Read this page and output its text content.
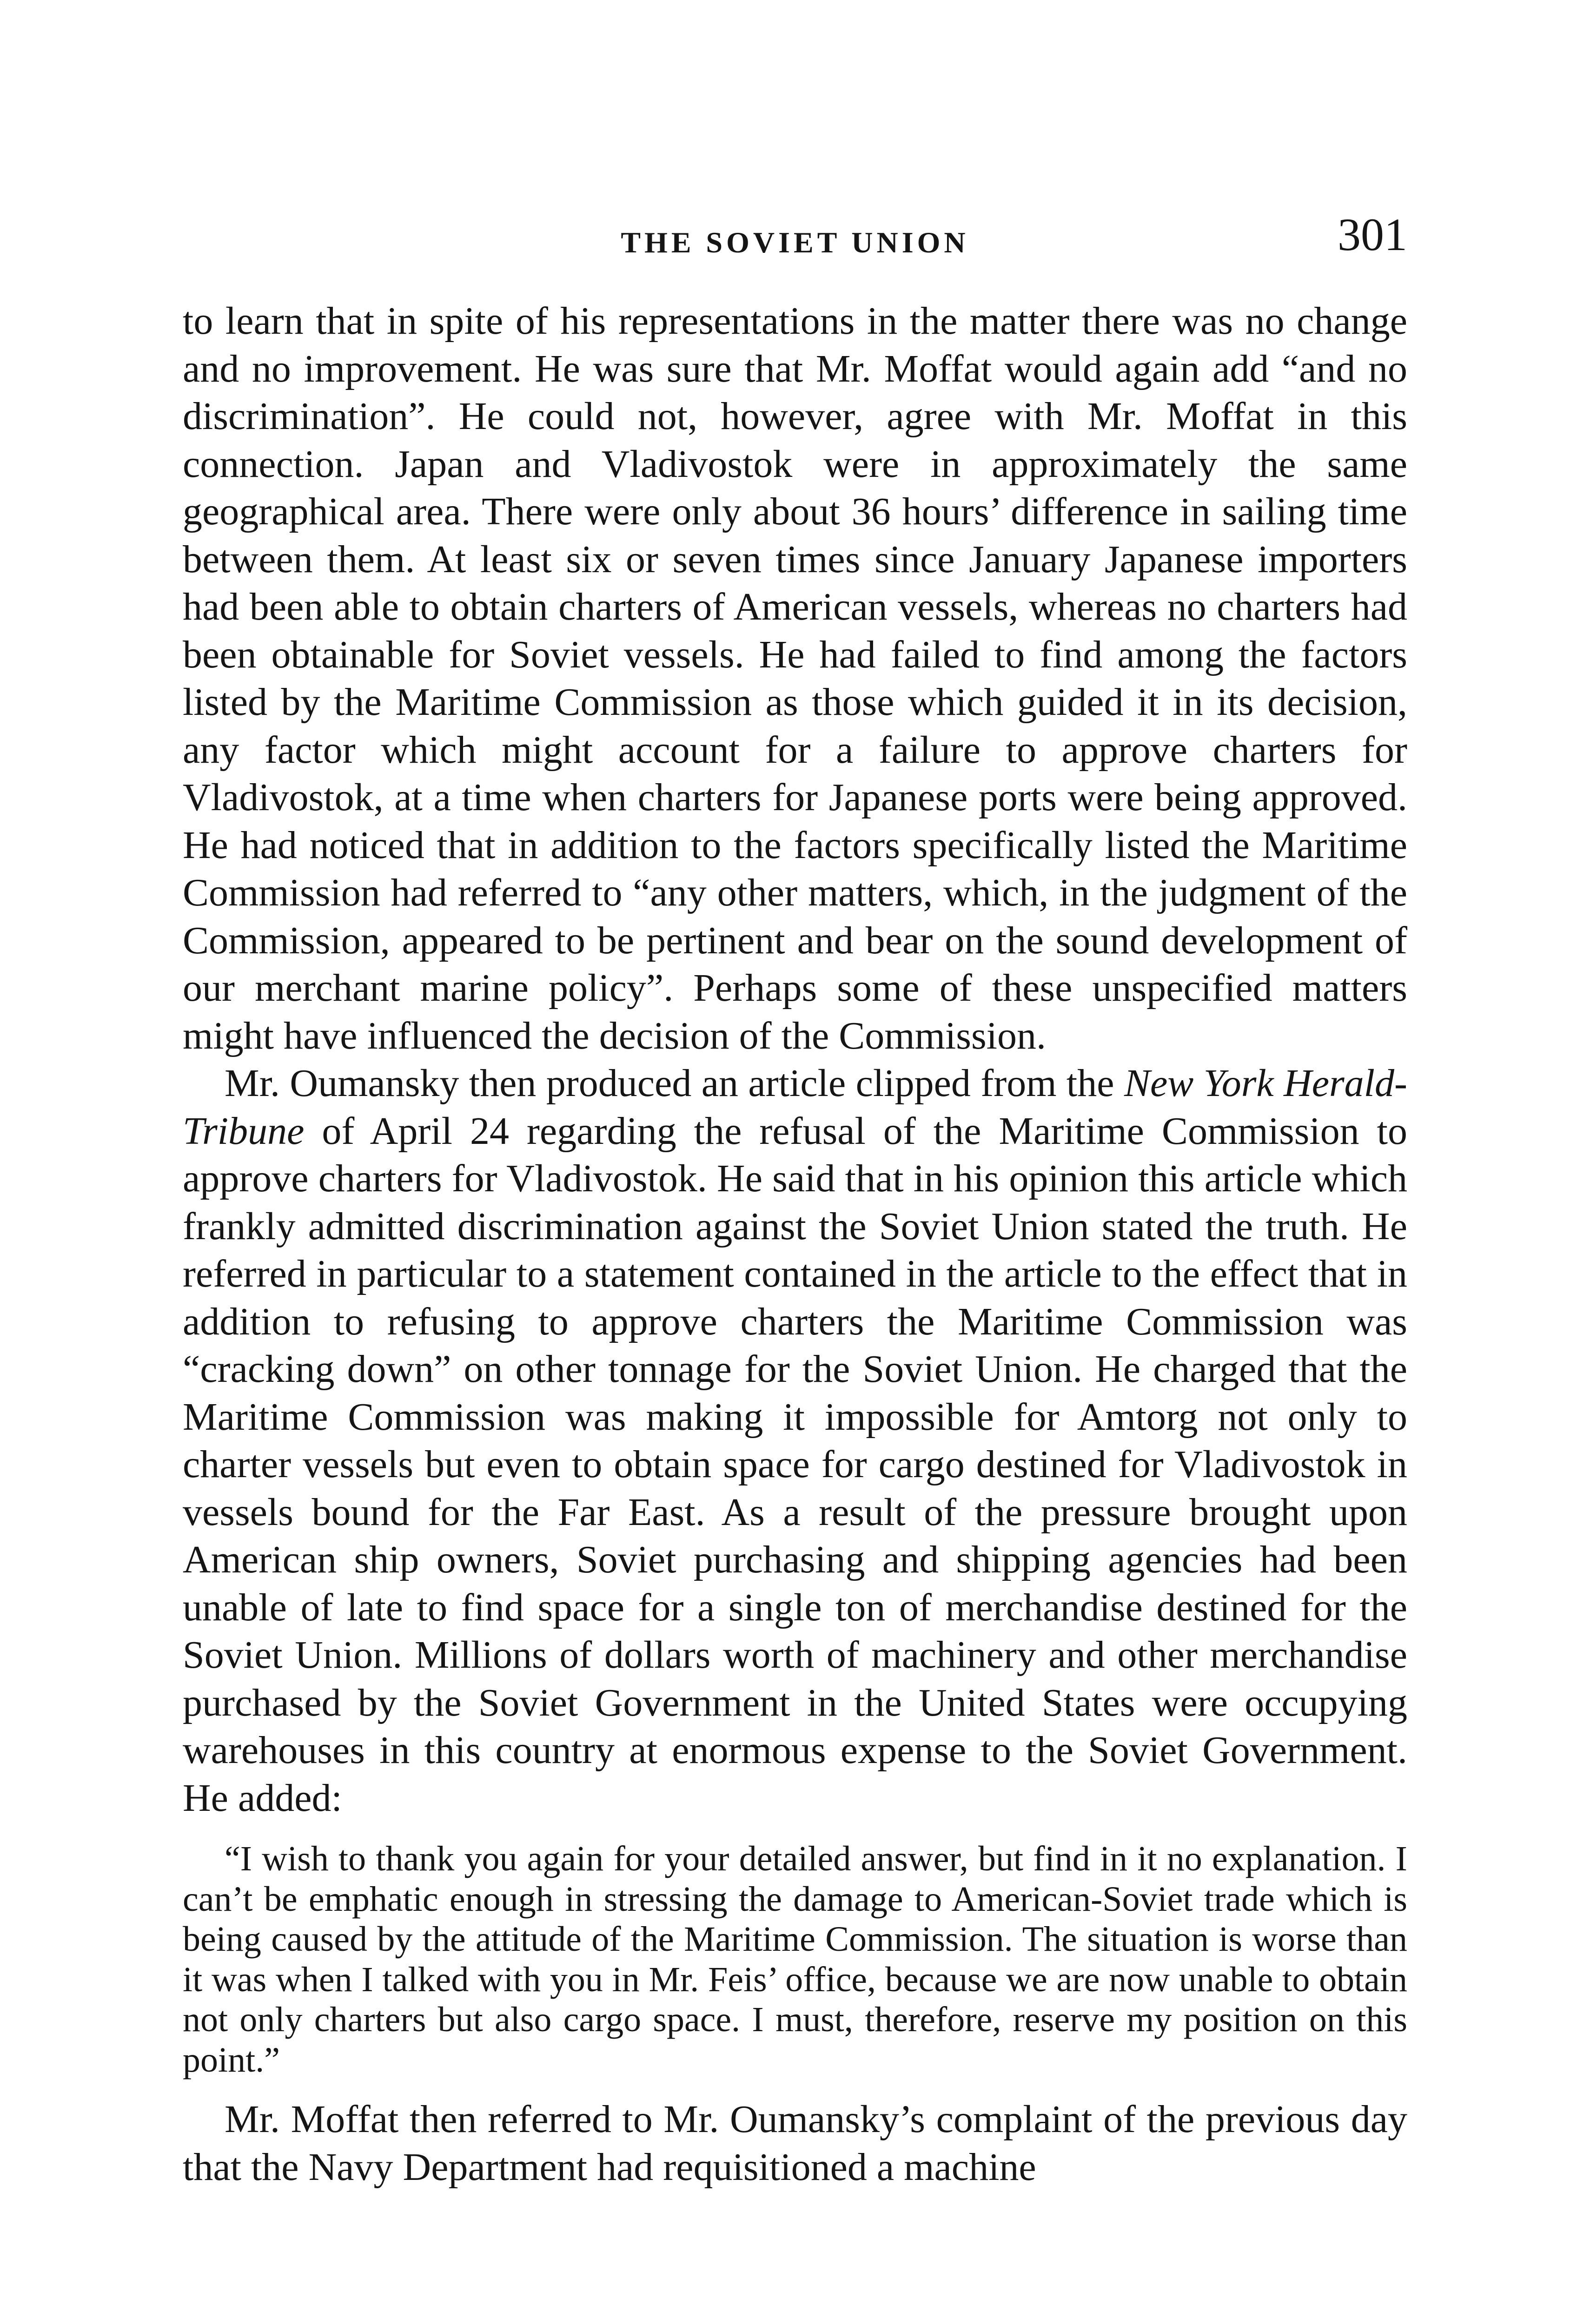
THE SOVIET UNION	301

to learn that in spite of his representations in the matter there was no change and no improvement. He was sure that Mr. Moffat would again add “and no discrimination”. He could not, however, agree with Mr. Moffat in this connection. Japan and Vladivostok were in approximately the same geographical area. There were only about 36 hours’ difference in sailing time between them. At least six or seven times since January Japanese importers had been able to obtain charters of American vessels, whereas no charters had been obtainable for Soviet vessels. He had failed to find among the factors listed by the Maritime Commission as those which guided it in its decision, any factor which might account for a failure to approve charters for Vladivostok, at a time when charters for Japanese ports were being approved. He had noticed that in addition to the factors specifically listed the Maritime Commission had referred to “any other matters, which, in the judgment of the Commission, appeared to be pertinent and bear on the sound development of our merchant marine policy”. Perhaps some of these unspecified matters might have influenced the decision of the Commission.

Mr. Oumansky then produced an article clipped from the New York Herald-Tribune of April 24 regarding the refusal of the Maritime Commission to approve charters for Vladivostok. He said that in his opinion this article which frankly admitted discrimination against the Soviet Union stated the truth. He referred in particular to a statement contained in the article to the effect that in addition to refusing to approve charters the Maritime Commission was “cracking down” on other tonnage for the Soviet Union. He charged that the Maritime Commission was making it impossible for Amtorg not only to charter vessels but even to obtain space for cargo destined for Vladivostok in vessels bound for the Far East. As a result of the pressure brought upon American ship owners, Soviet purchasing and shipping agencies had been unable of late to find space for a single ton of merchandise destined for the Soviet Union. Millions of dollars worth of machinery and other merchandise purchased by the Soviet Government in the United States were occupying warehouses in this country at enormous expense to the Soviet Government. He added:

“I wish to thank you again for your detailed answer, but find in it no explanation. I can’t be emphatic enough in stressing the damage to American-Soviet trade which is being caused by the attitude of the Maritime Commission. The situation is worse than it was when I talked with you in Mr. Feis’ office, because we are now unable to obtain not only charters but also cargo space. I must, therefore, reserve my position on this point.”

Mr. Moffat then referred to Mr. Oumansky’s complaint of the previous day that the Navy Department had requisitioned a machine
